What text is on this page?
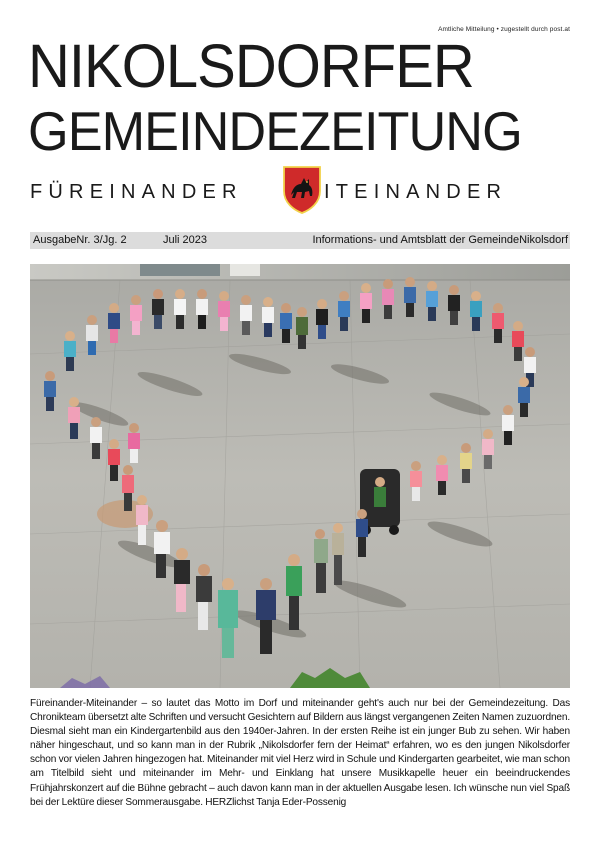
Amtliche Mitteilung • zugestellt durch post.at
NIKOLSDORFER
GEMEINDEZEITUNG
FÜREINANDER	ITEINANDER
AusgabeNr. 3/Jg. 2	Juli 2023	Informations- und Amtsblatt der GemeindeNikolsdorf

Füreinander-Miteinander – so lautet das Motto im Dorf und miteinander geht's auch nur bei der Gemeindezeitung. Das Chronikteam übersetzt alte Schriften und versucht Gesichtern auf Bildern aus längst vergangenen Zeiten Namen zuzuordnen. Diesmal sieht man ein Kindergartenbild aus den 1940er-Jahren. In der ersten Reihe ist ein junger Bub zu sehen. Wir haben näher hingeschaut, und so kann man in der Rubrik „Nikolsdorfer fern der Heimat“ erfahren, wo es den jungen Nikolsdorfer schon vor vielen Jahren hingezogen hat. Miteinander mit viel Herz wird in Schule und Kindergarten gearbeitet, wie man schon am Titelbild sieht und miteinander im Mehr- und Einklang hat unsere Musikkapelle heuer ein beeindruckendes Frühjahrskonzert auf die Bühne gebracht – auch davon kann man in der aktuellen Ausgabe lesen. Ich wünsche nun viel Spaß bei der Lektüre dieser Sommerausgabe. HERZlichst Tanja Eder-Possenig
